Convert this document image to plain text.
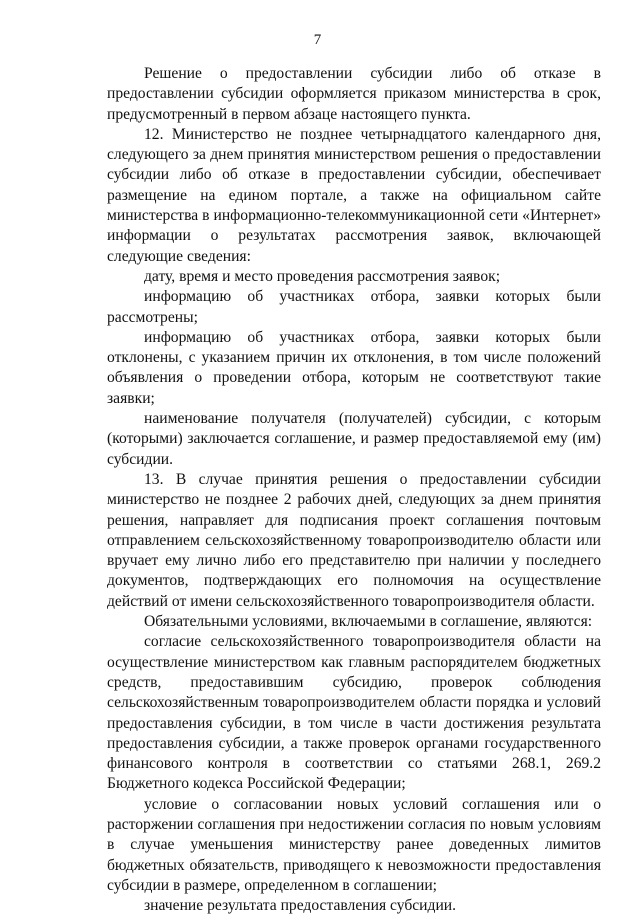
7

Решение о предоставлении субсидии либо об отказе в предоставлении субсидии оформляется приказом министерства в срок, предусмотренный в первом абзаце настоящего пункта.

12. Министерство не позднее четырнадцатого календарного дня, следующего за днем принятия министерством решения о предоставлении субсидии либо об отказе в предоставлении субсидии, обеспечивает размещение на едином портале, а также на официальном сайте министерства в информационно-телекоммуникационной сети «Интернет» информации о результатах рассмотрения заявок, включающей следующие сведения:

дату, время и место проведения рассмотрения заявок;

информацию об участниках отбора, заявки которых были рассмотрены;

информацию об участниках отбора, заявки которых были отклонены, с указанием причин их отклонения, в том числе положений объявления о проведении отбора, которым не соответствуют такие заявки;

наименование получателя (получателей) субсидии, с которым (которыми) заключается соглашение, и размер предоставляемой ему (им) субсидии.

13. В случае принятия решения о предоставлении субсидии министерство не позднее 2 рабочих дней, следующих за днем принятия решения, направляет для подписания проект соглашения почтовым отправлением сельскохозяйственному товаропроизводителю области или вручает ему лично либо его представителю при наличии у последнего документов, подтверждающих его полномочия на осуществление действий от имени сельскохозяйственного товаропроизводителя области.

Обязательными условиями, включаемыми в соглашение, являются:

согласие сельскохозяйственного товаропроизводителя области на осуществление министерством как главным распорядителем бюджетных средств, предоставившим субсидию, проверок соблюдения сельскохозяйственным товаропроизводителем области порядка и условий предоставления субсидии, в том числе в части достижения результата предоставления субсидии, а также проверок органами государственного финансового контроля в соответствии со статьями 268.1, 269.2 Бюджетного кодекса Российской Федерации;

условие о согласовании новых условий соглашения или о расторжении соглашения при недостижении согласия по новым условиям в случае уменьшения министерству ранее доведенных лимитов бюджетных обязательств, приводящего к невозможности предоставления субсидии в размере, определенном в соглашении;

значение результата предоставления субсидии.
